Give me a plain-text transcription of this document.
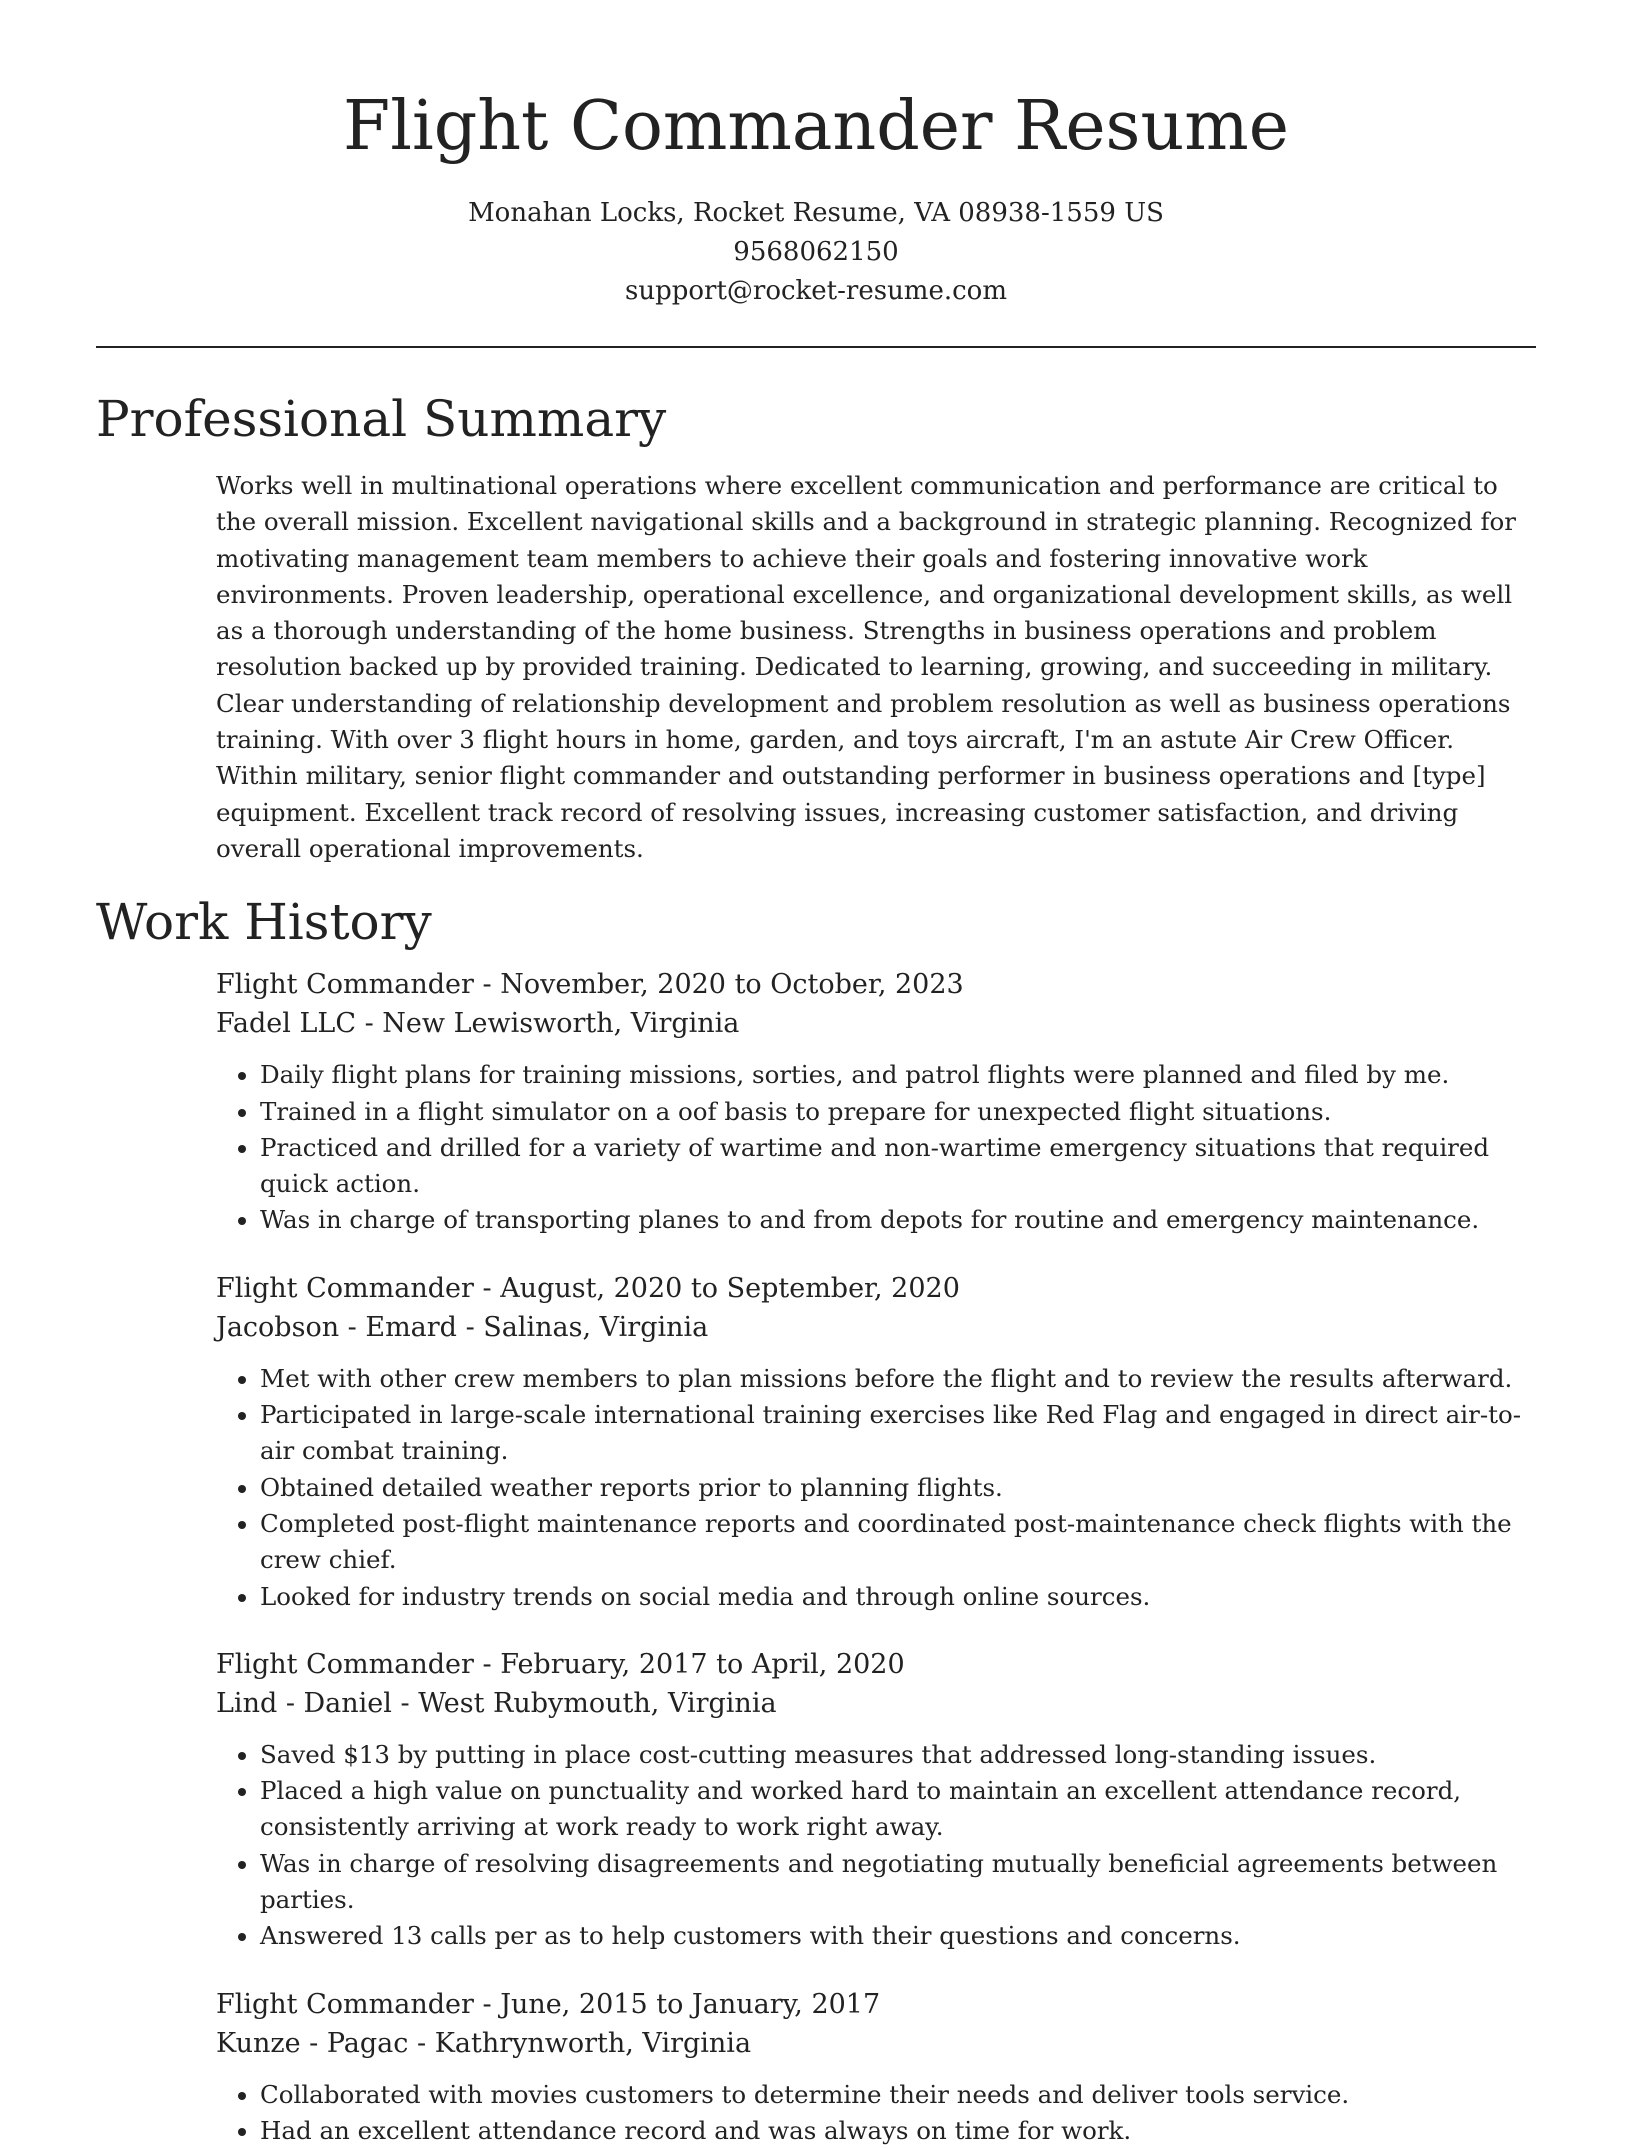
Flight Commander Resume
Monahan Locks, Rocket Resume, VA 08938-1559 US
9568062150
support@rocket-resume.com
Professional Summary
Works well in multinational operations where excellent communication and performance are critical to the overall mission. Excellent navigational skills and a background in strategic planning. Recognized for motivating management team members to achieve their goals and fostering innovative work environments. Proven leadership, operational excellence, and organizational development skills, as well as a thorough understanding of the home business. Strengths in business operations and problem resolution backed up by provided training. Dedicated to learning, growing, and succeeding in military. Clear understanding of relationship development and problem resolution as well as business operations training. With over 3 flight hours in home, garden, and toys aircraft, I'm an astute Air Crew Officer. Within military, senior flight commander and outstanding performer in business operations and [type] equipment. Excellent track record of resolving issues, increasing customer satisfaction, and driving overall operational improvements.
Work History
Flight Commander - November, 2020 to October, 2023
Fadel LLC - New Lewisworth, Virginia
• Daily flight plans for training missions, sorties, and patrol flights were planned and filed by me.
• Trained in a flight simulator on a oof basis to prepare for unexpected flight situations.
• Practiced and drilled for a variety of wartime and non-wartime emergency situations that required quick action.
• Was in charge of transporting planes to and from depots for routine and emergency maintenance.
Flight Commander - August, 2020 to September, 2020
Jacobson - Emard - Salinas, Virginia
• Met with other crew members to plan missions before the flight and to review the results afterward.
• Participated in large-scale international training exercises like Red Flag and engaged in direct air-to-air combat training.
• Obtained detailed weather reports prior to planning flights.
• Completed post-flight maintenance reports and coordinated post-maintenance check flights with the crew chief.
• Looked for industry trends on social media and through online sources.
Flight Commander - February, 2017 to April, 2020
Lind - Daniel - West Rubymouth, Virginia
• Saved $13 by putting in place cost-cutting measures that addressed long-standing issues.
• Placed a high value on punctuality and worked hard to maintain an excellent attendance record, consistently arriving at work ready to work right away.
• Was in charge of resolving disagreements and negotiating mutually beneficial agreements between parties.
• Answered 13 calls per as to help customers with their questions and concerns.
Flight Commander - June, 2015 to January, 2017
Kunze - Pagac - Kathrynworth, Virginia
• Collaborated with movies customers to determine their needs and deliver tools service.
• Had an excellent attendance record and was always on time for work.
